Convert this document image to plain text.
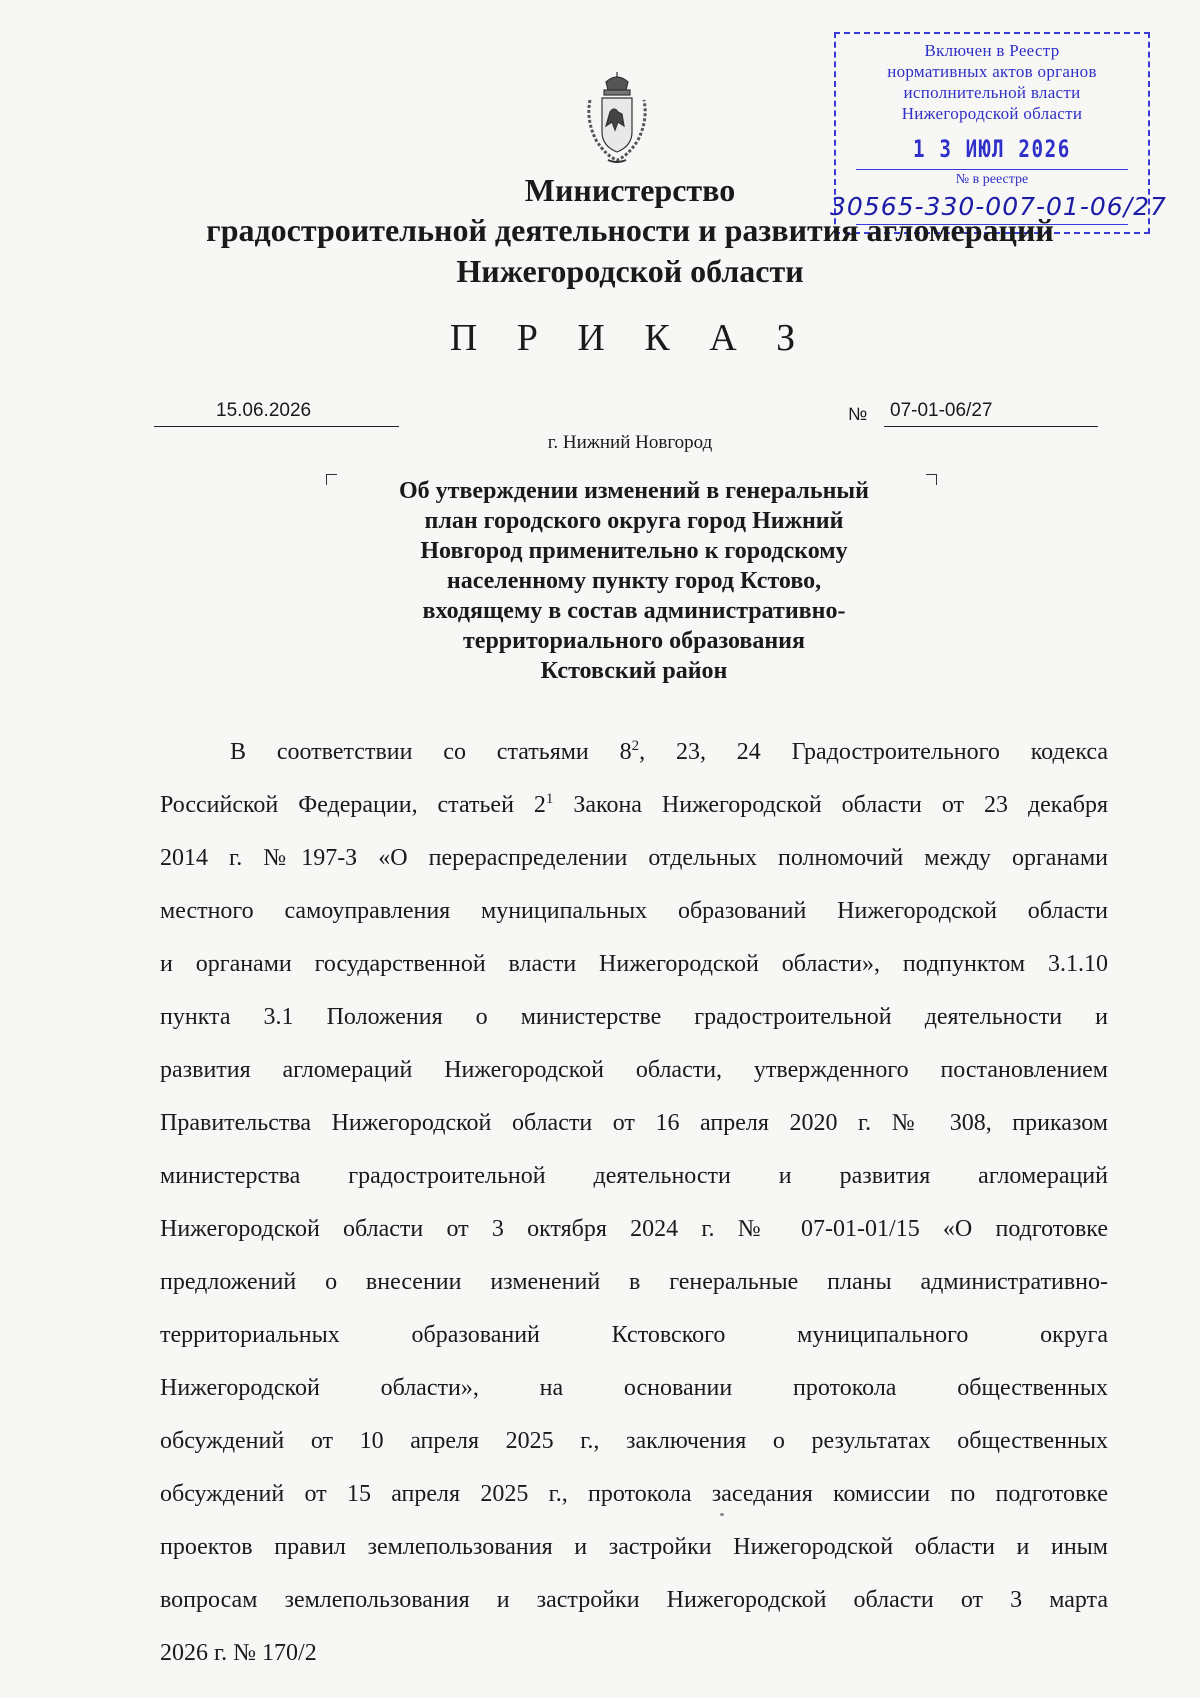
Включен в Реестр
нормативных актов органов
исполнительной власти
Нижегородской области
1 3 ИЮЛ 2026
№ в реестре
30565-330-007-01-06/27
Министерство
градостроительной деятельности и развития агломераций
Нижегородской области
П Р И К А З
15.06.2026	№ 07-01-06/27
г. Нижний Новгород
Об утверждении изменений в генеральный
план городского округа город Нижний
Новгород применительно к городскому
населенному пункту город Кстово,
входящему в состав административно-
территориального образования
Кстовский район
В соответствии со статьями $8^2$, 23, 24 Градостроительного кодекса
Российской Федерации, статьей $2^1$ Закона Нижегородской области от 23 декабря
2014 г. №197-З «О перераспределении отдельных полномочий между органами
местного самоуправления муниципальных образований Нижегородской области
и органами государственной власти Нижегородской области», подпунктом 3.1.10
пункта 3.1 Положения о министерстве градостроительной деятельности и
развития агломераций Нижегородской области, утвержденного постановлением
Правительства Нижегородской области от 16 апреля 2020 г. № 308, приказом
министерства градостроительной деятельности и развития агломераций
Нижегородской области от 3 октября 2024 г. № 07-01-01/15 «О подготовке
предложений о внесении изменений в генеральные планы административно-
территориальных образований Кстовского муниципального округа
Нижегородской области», на основании протокола общественных
обсуждений от 10 апреля 2025 г., заключения о результатах общественных
обсуждений от 15 апреля 2025 г., протокола заседания комиссии по подготовке
проектов правил землепользования и застройки Нижегородской области и иным
вопросам землепользования и застройки Нижегородской области от 3 марта
2026 г. № 170/2
